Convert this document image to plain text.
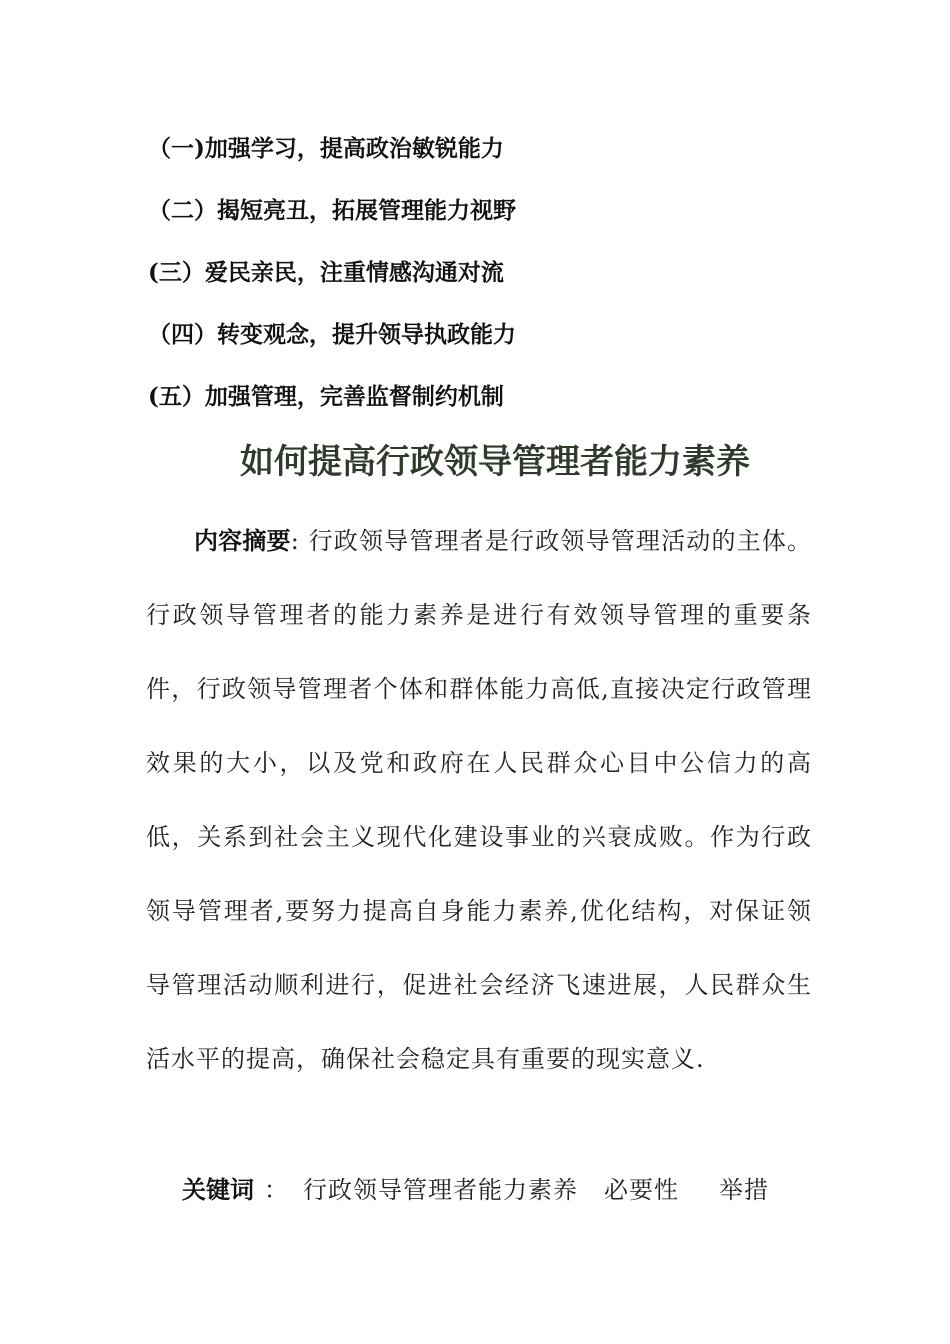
（一)加强学习，提高政治敏锐能力
（二）揭短亮丑，拓展管理能力视野
(三）爱民亲民，注重情感沟通对流
（四）转变观念，提升领导执政能力
(五）加强管理，完善监督制约机制
如何提高行政领导管理者能力素养
内容摘要: 行政领导管理者是行政领导管理活动的主体。行政领导管理者的能力素养是进行有效领导管理的重要条件，行政领导管理者个体和群体能力高低,直接决定行政管理效果的大小，以及党和政府在人民群众心目中公信力的高低，关系到社会主义现代化建设事业的兴衰成败。作为行政领导管理者,要努力提高自身能力素养,优化结构，对保证领导管理活动顺利进行，促进社会经济飞速进展，人民群众生活水平的提高，确保社会稳定具有重要的现实意义.
关键词 ： 行政领导管理者能力素养 必要性 举措
